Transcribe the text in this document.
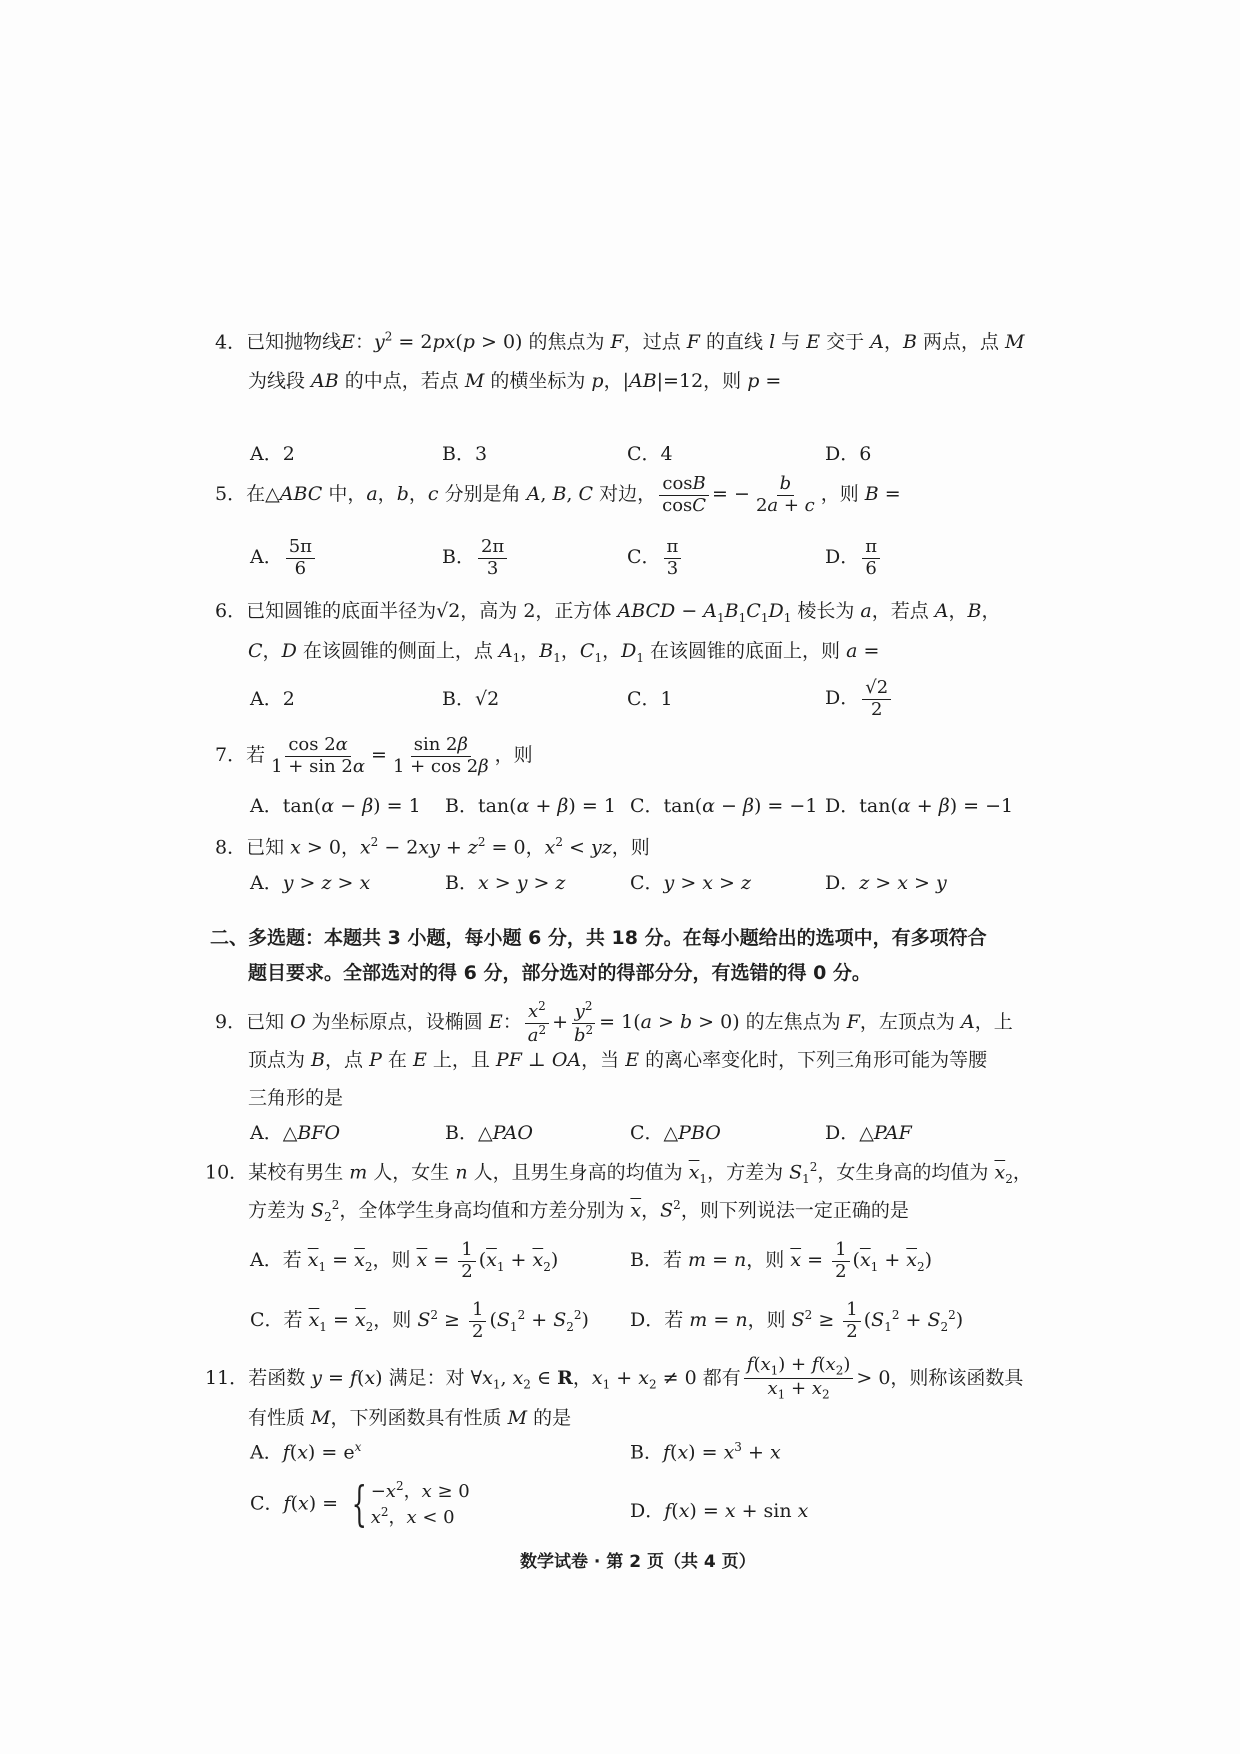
4．已知抛物线E：$y^2 = 2px(p > 0)$ 的焦点为 F，过点 F 的直线 l 与 E 交于 A，B 两点，点 M
为线段 AB 的中点，若点 M 的横坐标为 p，|AB|=12，则 p =
A．2	B．3	C．4	D．6
5．在△ABC 中，a，b，c 分别是角 A, B, C 对边， $\frac{\cos B}{\cos C}$ = − $\frac{b}{2a + c}$ ，则 B =
A． $\frac{5\pi}{6}$	B． $\frac{2\pi}{3}$	C． $\frac{\pi}{3}$	D． $\frac{\pi}{6}$
6．已知圆锥的底面半径为√2，高为 2，正方体 ABCD − $A_1B_1C_1D_1$ 棱长为 a，若点 A，B，
C，D 在该圆锥的侧面上，点 $A_1$，$B_1$，$C_1$，$D_1$ 在该圆锥的底面上，则 a =
A．2	B．√2	C．1	D． $\frac{√2}{2}$
7．若 $\frac{\cos 2\alpha}{1 + \sin 2\alpha} = \frac{\sin 2\beta}{1 + \cos 2\beta}$ ，则
A．tan(α − β) = 1 B．tan(α + β) = 1 C．tan(α − β) = −1 D．tan(α + β) = −1
8．已知 x > 0，$x^2 - 2xy + z^2 = 0$，$x^2$ < yz，则
A．y > z > x	B．x > y > z	C．y > x > z	D．z > x > y
二、多选题：本题共 3 小题，每小题 6 分，共 18 分。在每小题给出的选项中，有多项符合
题目要求。全部选对的得 6 分，部分选对的得部分分，有选错的得 0 分。
9．已知 O 为坐标原点，设椭圆 E： $\frac{x^2}{a^2} + \frac{y^2}{b^2} = 1(a > b > 0)$ 的左焦点为 F，左顶点为 A，上
顶点为 B，点 P 在 E 上，且 PF ⊥ OA，当 E 的离心率变化时，下列三角形可能为等腰
三角形的是
A．△BFO	B．△PAO	C．△PBO	D．△PAF
10．某校有男生 m 人，女生 n 人，且男生身高的均值为 $\overline{x}_1$，方差为 $S_1^2$，女生身高的均值为 $\overline{x}_2$，
方差为 $S_2^2$，全体学生身高均值和方差分别为 $\overline{x}$，$S^2$，则下列说法一定正确的是
A．若 $\overline{x}_1 = \overline{x}_2$，则 $\overline{x} = \frac{1}{2} (\overline{x}_1 + \overline{x}_2)$	B．若 m = n，则 $\overline{x} = \frac{1}{2} (\overline{x}_1 + \overline{x}_2)$
C．若 $\overline{x}_1 = \overline{x}_2$，则 $S^2 \ge \frac{1}{2} (S_1^2 + S_2^2)$ D．若 m = n，则 $S^2 \ge \frac{1}{2} (S_1^2 + S_2^2)$
11．若函数 y = f(x) 满足：对 $\forall x_1$, $x_2$ ∈ R，$x_1 + x_2 \ne 0$ 都有 $\frac{f(x_1) + f(x_2)}{x_1 + x_2} > 0$，则称该函数具
有性质 M，下列函数具有性质 M 的是
A．$f(x) = e^x$	B．$f(x) = x^3 + x$
C．f(x) = { $-x^2$，x ≥ 0
$x^2$，x < 0	D．f(x) = x + sin x
数学试卷 · 第 2 页（共 4 页）
